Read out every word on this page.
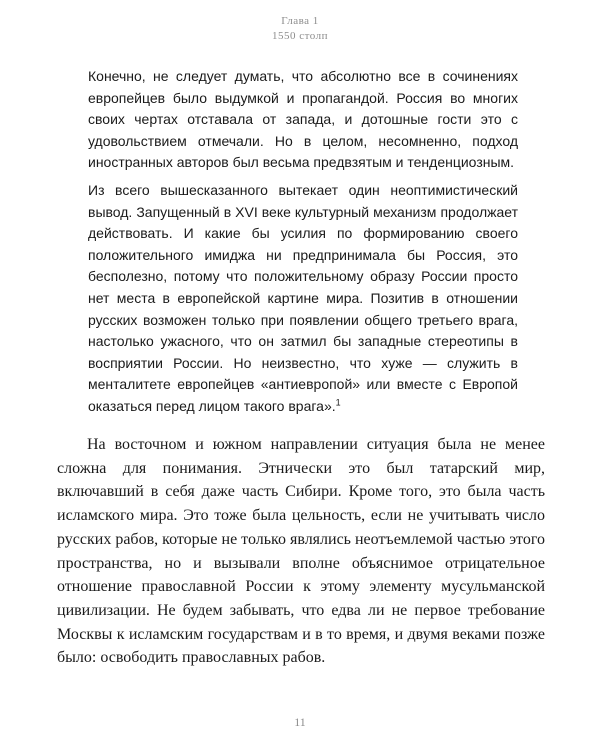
Глава 1
1550 столп

Конечно, не следует думать, что абсолютно все в сочинениях европейцев было выдумкой и пропагандой. Россия во многих своих чертах отставала от запада, и дотошные гости это с удовольствием отмечали. Но в целом, несомненно, подход иностранных авторов был весьма предвзятым и тенденциозным.

Из всего вышесказанного вытекает один неоптимистический вывод. Запущенный в XVI веке культурный механизм продолжает действовать. И какие бы усилия по формированию своего положительного имиджа ни предпринимала бы Россия, это бесполезно, потому что положительному образу России просто нет места в европейской картине мира. Позитив в отношении русских возможен только при появлении общего третьего врага, настолько ужасного, что он затмил бы западные стереотипы в восприятии России. Но неизвестно, что хуже — служить в менталитете европейцев «антиевропой» или вместе с Европой оказаться перед лицом такого врага».$^1$

На восточном и южном направлении ситуация была не менее сложна для понимания. Этнически это был татарский мир, включавший в себя даже часть Сибири. Кроме того, это была часть исламского мира. Это тоже была цельность, если не учитывать число русских рабов, которые не только являлись неотъемлемой частью этого пространства, но и вызывали вполне объяснимое отрицательное отношение православной России к этому элементу мусульманской цивилизации. Не будем забывать, что едва ли не первое требование Москвы к исламским государствам и в то время, и двумя веками позже было: освободить православных рабов.

11
